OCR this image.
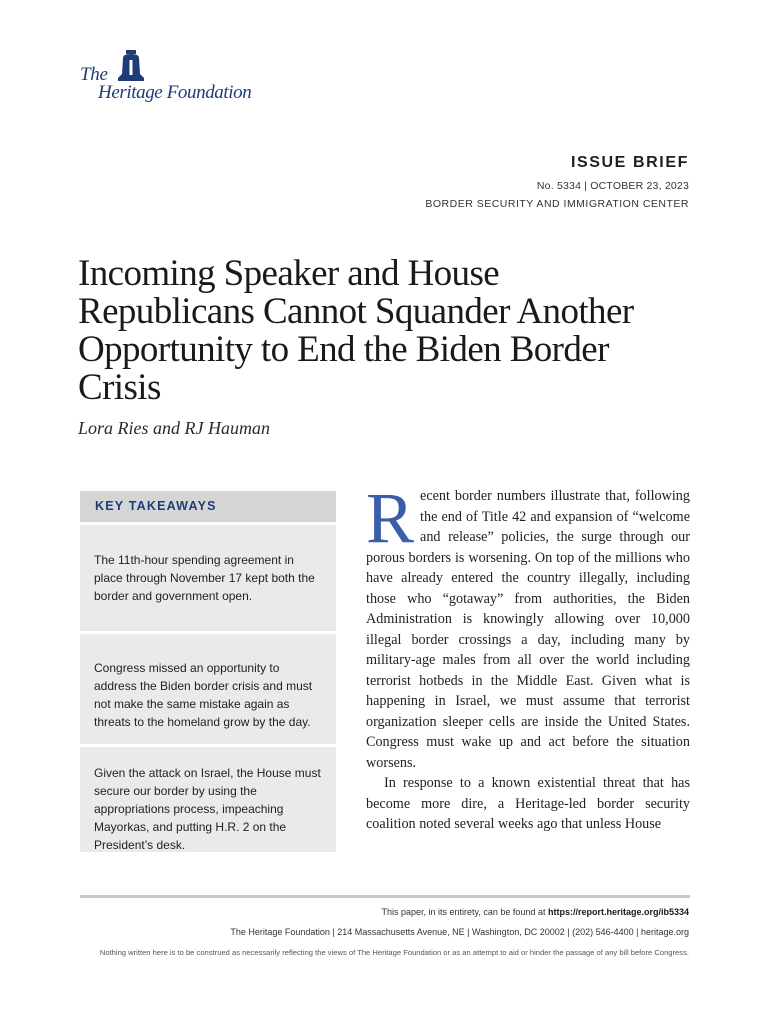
The
Heritage Foundation
ISSUE BRIEF
No. 5334 | OCTOBER 23, 2023
BORDER SECURITY AND IMMIGRATION CENTER
Incoming Speaker and House Republicans Cannot Squander Another Opportunity to End the Biden Border Crisis
Lora Ries and RJ Hauman
KEY TAKEAWAYS
The 11th-hour spending agreement in place through November 17 kept both the border and government open.
Congress missed an opportunity to address the Biden border crisis and must not make the same mistake again as threats to the homeland grow by the day.
Given the attack on Israel, the House must secure our border by using the appropriations process, impeaching Mayorkas, and putting H.R. 2 on the President’s desk.

Recent border numbers illustrate that, following the end of Title 42 and expansion of “welcome and release” policies, the surge through our porous borders is worsening. On top of the millions who have already entered the country illegally, including those who “gotaway” from authorities, the Biden Administration is knowingly allowing over 10,000 illegal border crossings a day, including many by military-age males from all over the world including terrorist hotbeds in the Middle East. Given what is happening in Israel, we must assume that terrorist organization sleeper cells are inside the United States. Congress must wake up and act before the situation worsens.

In response to a known existential threat that has become more dire, a Heritage-led border security coalition noted several weeks ago that unless House

This paper, in its entirety, can be found at https://report.heritage.org/ib5334
The Heritage Foundation | 214 Massachusetts Avenue, NE | Washington, DC 20002 | (202) 546-4400 | heritage.org
Nothing written here is to be construed as necessarily reflecting the views of The Heritage Foundation or as an attempt to aid or hinder the passage of any bill before Congress.
